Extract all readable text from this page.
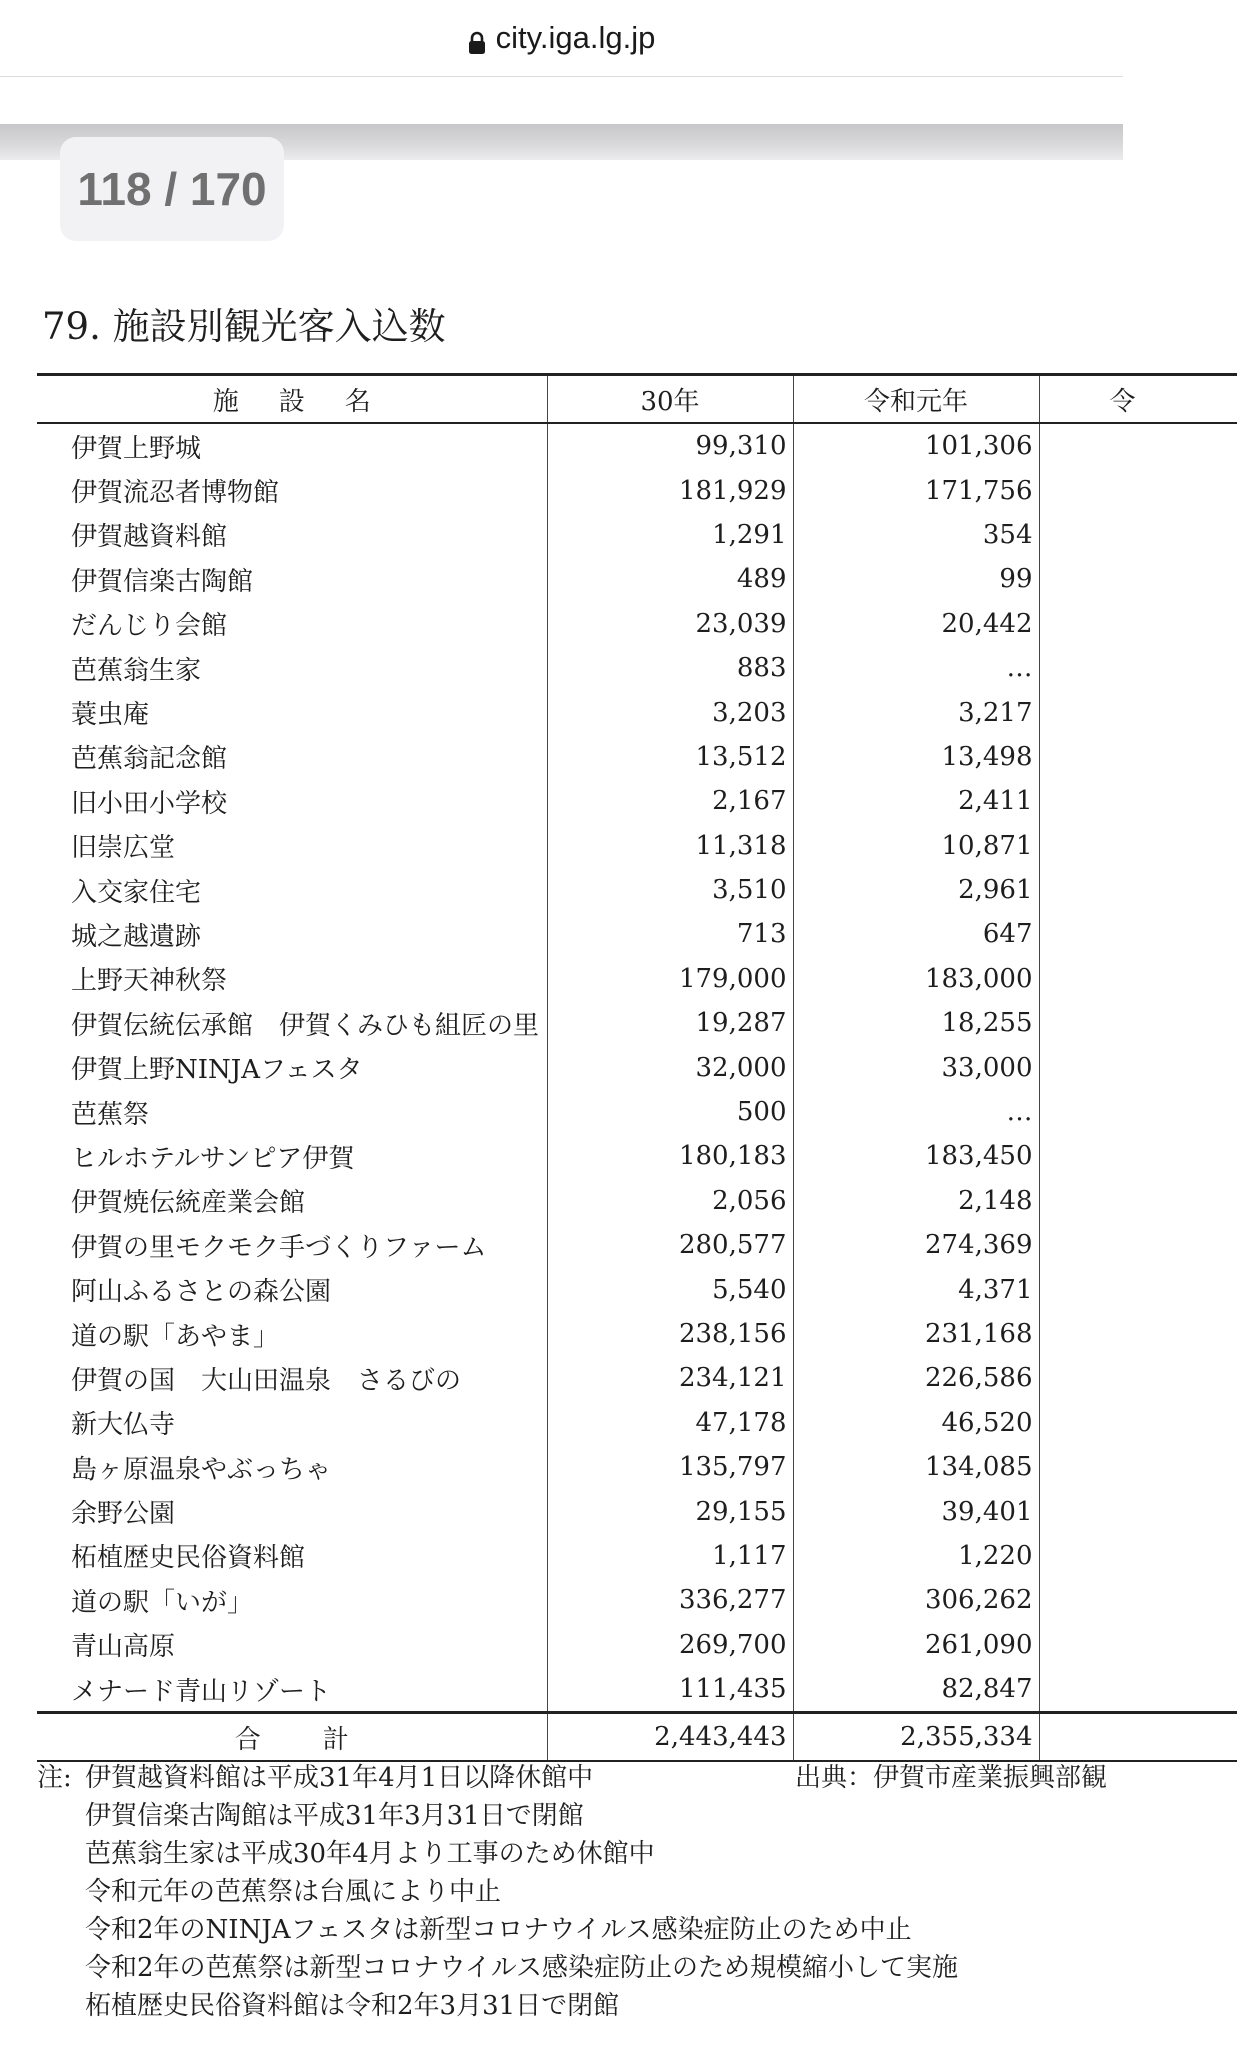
city.iga.lg.jp
118 / 170
79. 施設別観光客入込数
施設名	30年	令和元年	令
伊賀上野城	99,310	101,306	
伊賀流忍者博物館	181,929	171,756	
伊賀越資料館	1,291	354	
伊賀信楽古陶館	489	99	
だんじり会館	23,039	20,442	
芭蕉翁生家	883	…	
蓑虫庵	3,203	3,217	
芭蕉翁記念館	13,512	13,498	
旧小田小学校	2,167	2,411	
旧崇広堂	11,318	10,871	
入交家住宅	3,510	2,961	
城之越遺跡	713	647	
上野天神秋祭	179,000	183,000	
伊賀伝統伝承館　伊賀くみひも組匠の里	19,287	18,255	
伊賀上野NINJAフェスタ	32,000	33,000	
芭蕉祭	500	…	
ヒルホテルサンピア伊賀	180,183	183,450	
伊賀焼伝統産業会館	2,056	2,148	
伊賀の里モクモク手づくりファーム	280,577	274,369	
阿山ふるさとの森公園	5,540	4,371	
道の駅「あやま」	238,156	231,168	
伊賀の国　大山田温泉　さるびの	234,121	226,586	
新大仏寺	47,178	46,520	
島ヶ原温泉やぶっちゃ	135,797	134,085	
余野公園	29,155	39,401	
柘植歴史民俗資料館	1,117	1,220	
道の駅「いが」	336,277	306,262	
青山高原	269,700	261,090	
メナード青山リゾート	111,435	82,847	
合計	2,443,443	2,355,334	
注:	出典：伊賀市産業振興部観
伊賀越資料館は平成31年4月1日以降休館中
伊賀信楽古陶館は平成31年3月31日で閉館
芭蕉翁生家は平成30年4月より工事のため休館中
令和元年の芭蕉祭は台風により中止
令和2年のNINJAフェスタは新型コロナウイルス感染症防止のため中止
令和2年の芭蕉祭は新型コロナウイルス感染症防止のため規模縮小して実施
柘植歴史民俗資料館は令和2年3月31日で閉館
